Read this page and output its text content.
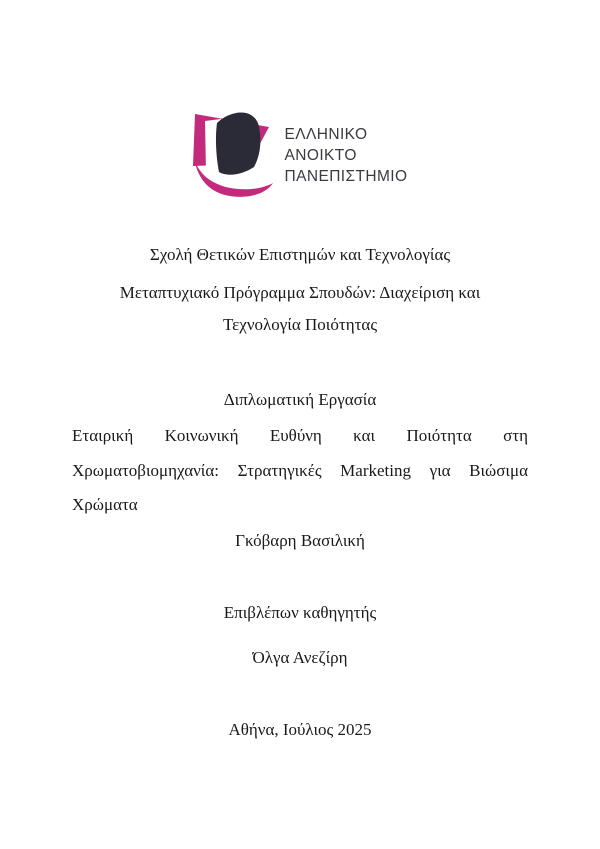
ΕΛΛΗΝΙΚΟ
ΑΝΟΙΚΤΟ
ΠΑΝΕΠΙΣΤΗΜΙΟ
Σχολή Θετικών Επιστημών και Τεχνολογίας
Μεταπτυχιακό Πρόγραμμα Σπουδών: Διαχείριση και
Τεχνολογία Ποιότητας
Διπλωματική Εργασία
Εταιρική Κοινωνική Ευθύνη και Ποιότητα στη
Χρωματοβιομηχανία: Στρατηγικές Marketing για Βιώσιμα
Χρώματα
Γκόβαρη Βασιλική
Επιβλέπων καθηγητής
Όλγα Ανεζίρη
Αθήνα, Ιούλιος 2025
